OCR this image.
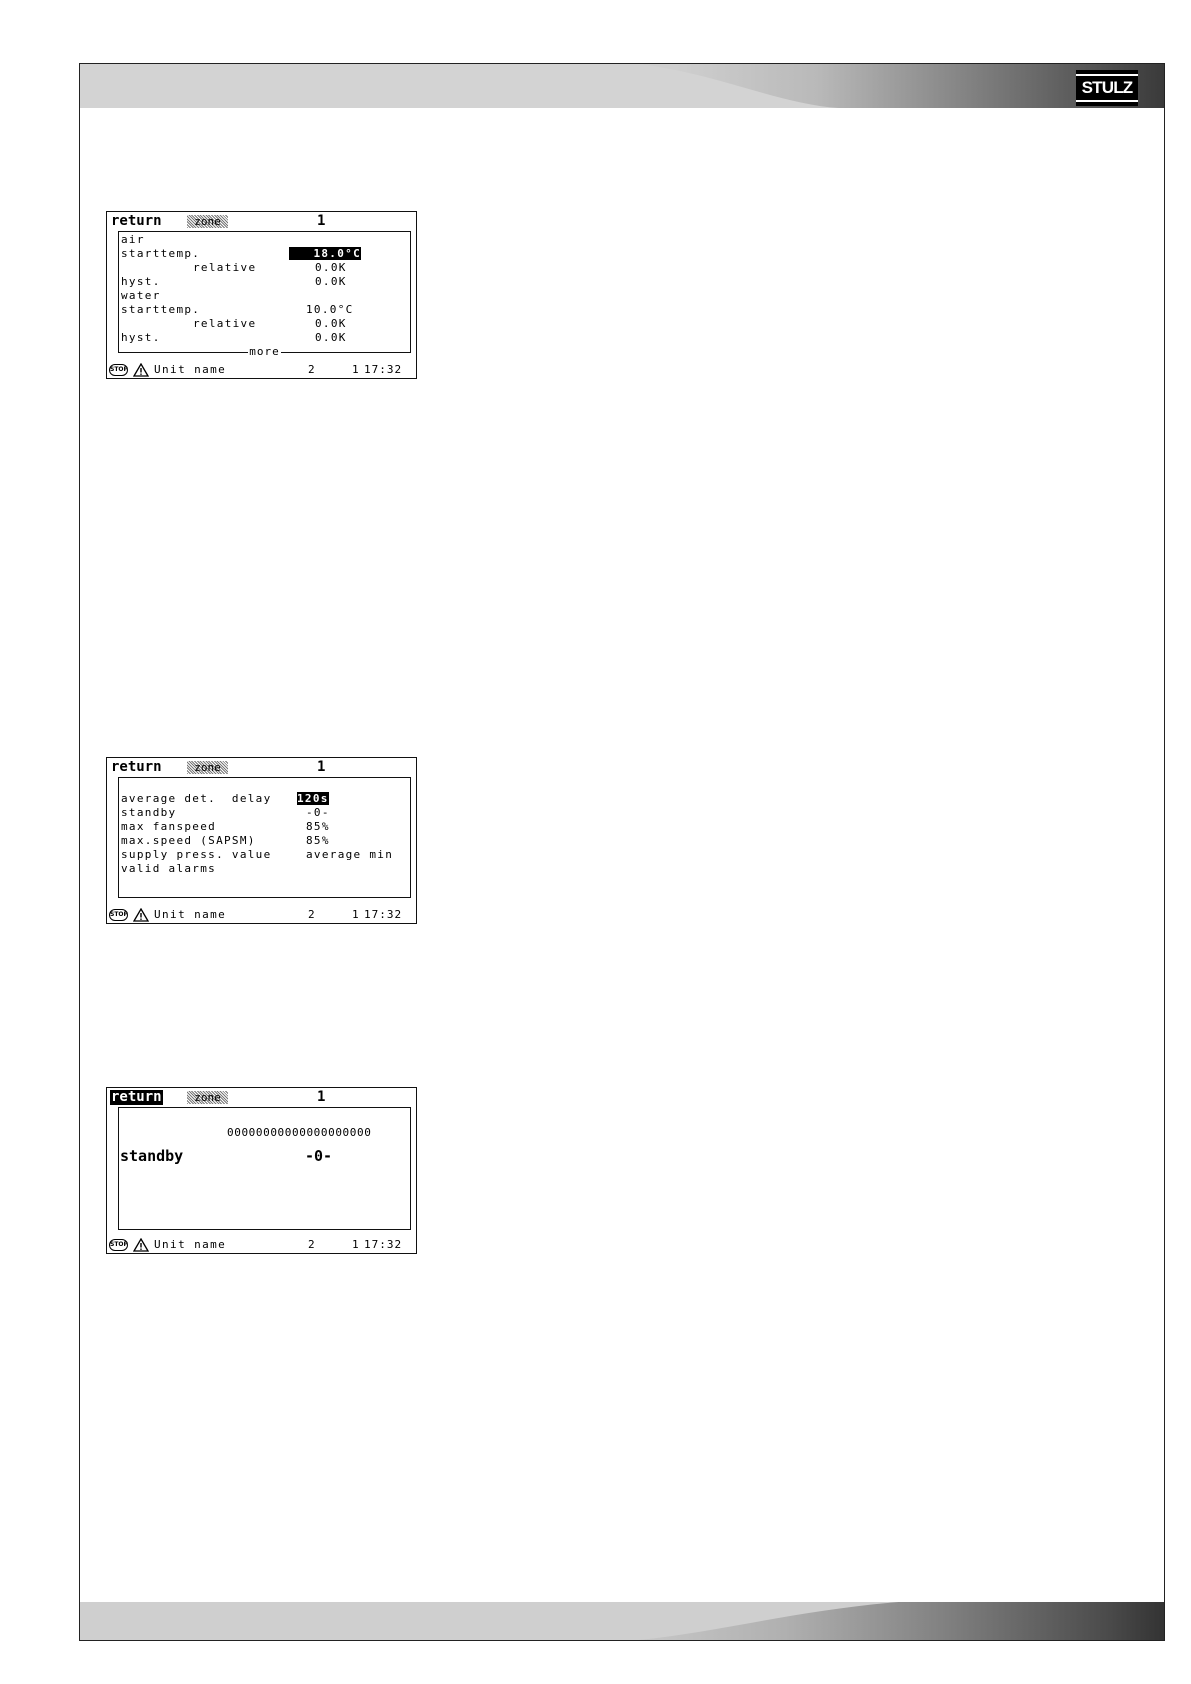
STULZ
return	zone	1
air
starttemp.	18.0°C
relative	0.0K
hyst.	0.0K
water
starttemp.	10.0°C
relative	0.0K
hyst.	0.0K
more
STOP Unit name	2	1 17:32
return	zone	1
average det.  delay 120s
standby	-0-
max fanspeed	85%
max.speed (SAPSM)	85%
supply press. value	average min
valid alarms
STOP Unit name	2	1 17:32
return	zone	1
00000000000000000000
standby	-0-
STOP Unit name	2	1 17:32
